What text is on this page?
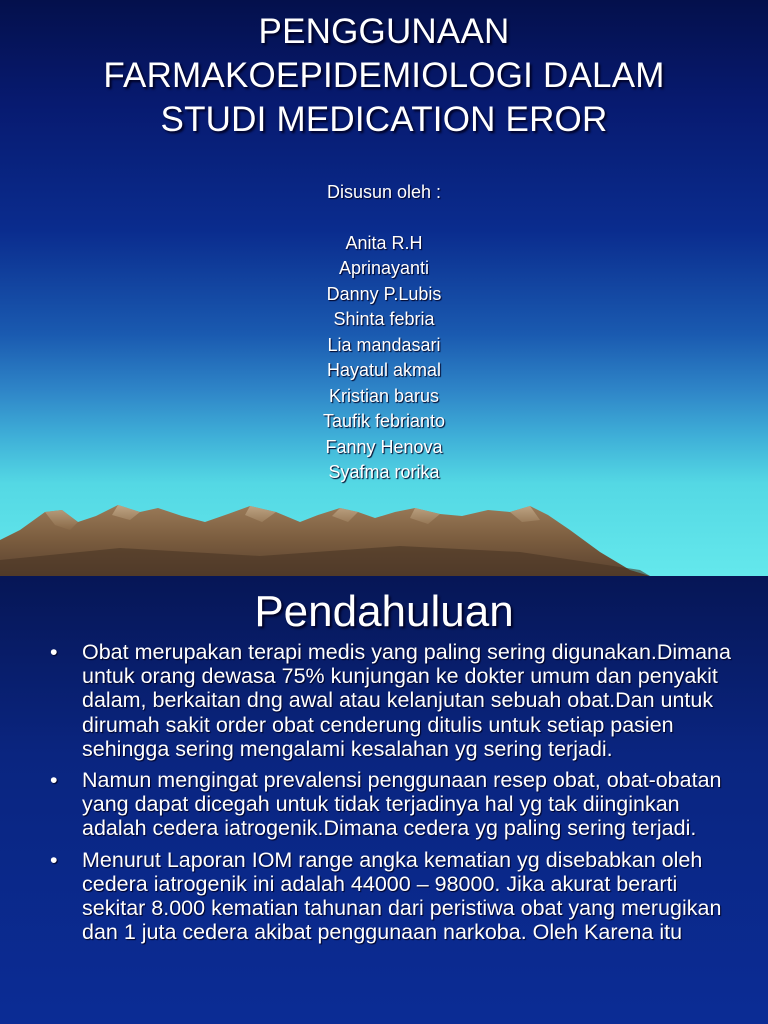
PENGGUNAAN
FARMAKOEPIDEMIOLOGI DALAM
STUDI MEDICATION EROR
Disusun oleh :
Anita R.H
Aprinayanti
Danny P.Lubis
Shinta febria
Lia mandasari
Hayatul akmal
Kristian barus
Taufik febrianto
Fanny Henova
Syafma rorika
Pendahuluan
• Obat merupakan terapi medis yang paling sering digunakan.Dimana untuk orang dewasa 75% kunjungan ke dokter umum dan penyakit dalam, berkaitan dng awal atau kelanjutan sebuah obat.Dan untuk dirumah sakit order obat cenderung ditulis untuk setiap pasien sehingga sering mengalami kesalahan yg sering terjadi.
• Namun mengingat prevalensi penggunaan resep obat, obat-obatan yang dapat dicegah untuk tidak terjadinya hal yg tak diinginkan adalah cedera iatrogenik.Dimana cedera yg paling sering terjadi.
• Menurut Laporan IOM range angka kematian yg disebabkan oleh cedera iatrogenik ini adalah 44000 – 98000. Jika akurat berarti sekitar 8.000 kematian tahunan dari peristiwa obat yang merugikan dan 1 juta cedera akibat penggunaan narkoba. Oleh Karena itu
